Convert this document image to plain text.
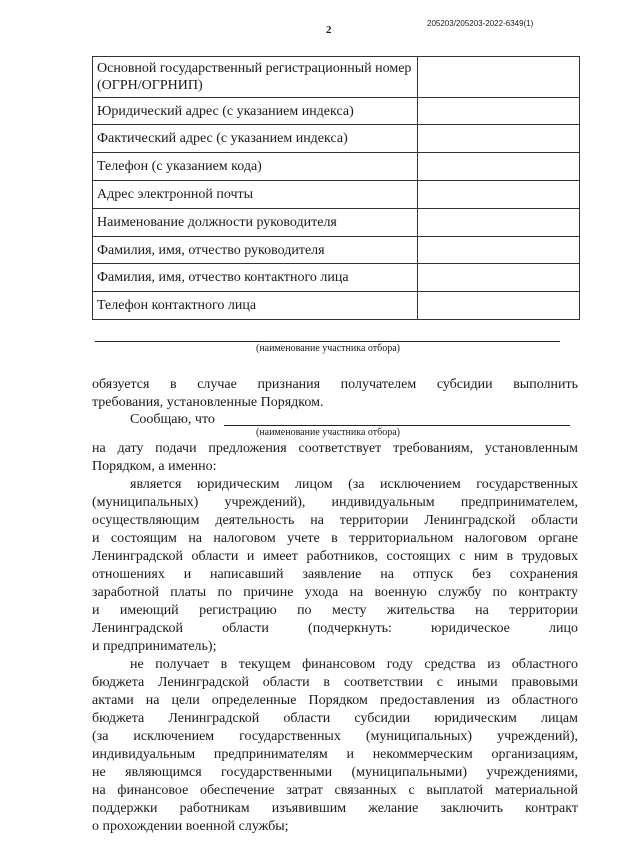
2
205203/205203-2022-6349(1)
Основной государственный регистрационный номер (ОГРН/ОГРНИП)	
Юридический адрес (с указанием индекса)	
Фактический адрес (с указанием индекса)	
Телефон (с указанием кода)	
Адрес электронной почты	
Наименование должности руководителя	
Фамилия, имя, отчество руководителя	
Фамилия, имя, отчество контактного лица	
Телефон контактного лица	
(наименование участника отбора)

обязуется в случае признания получателем субсидии выполнить

требования, установленные Порядком.

Сообщаю, что

(наименование участника отбора)

на дату подачи предложения соответствует требованиям, установленным

Порядком, а именно:

является юридическим лицом (за исключением государственных

(муниципальных) учреждений), индивидуальным предпринимателем,

осуществляющим деятельность на территории Ленинградской области

и состоящим на налоговом учете в территориальном налоговом органе

Ленинградской области и имеет работников, состоящих с ним в трудовых

отношениях и написавший заявление на отпуск без сохранения

заработной платы по причине ухода на военную службу по контракту

и имеющий регистрацию по месту жительства на территории

Ленинградской области (подчеркнуть: юридическое лицо

и предприниматель);

не получает в текущем финансовом году средства из областного

бюджета Ленинградской области в соответствии с иными правовыми

актами на цели определенные Порядком предоставления из областного

бюджета Ленинградской области субсидии юридическим лицам

(за исключением государственных (муниципальных) учреждений),

индивидуальным предпринимателям и некоммерческим организациям,

не являющимся государственными (муниципальными) учреждениями,

на финансовое обеспечение затрат связанных с выплатой материальной

поддержки работникам изъявившим желание заключить контракт

о прохождении военной службы;
